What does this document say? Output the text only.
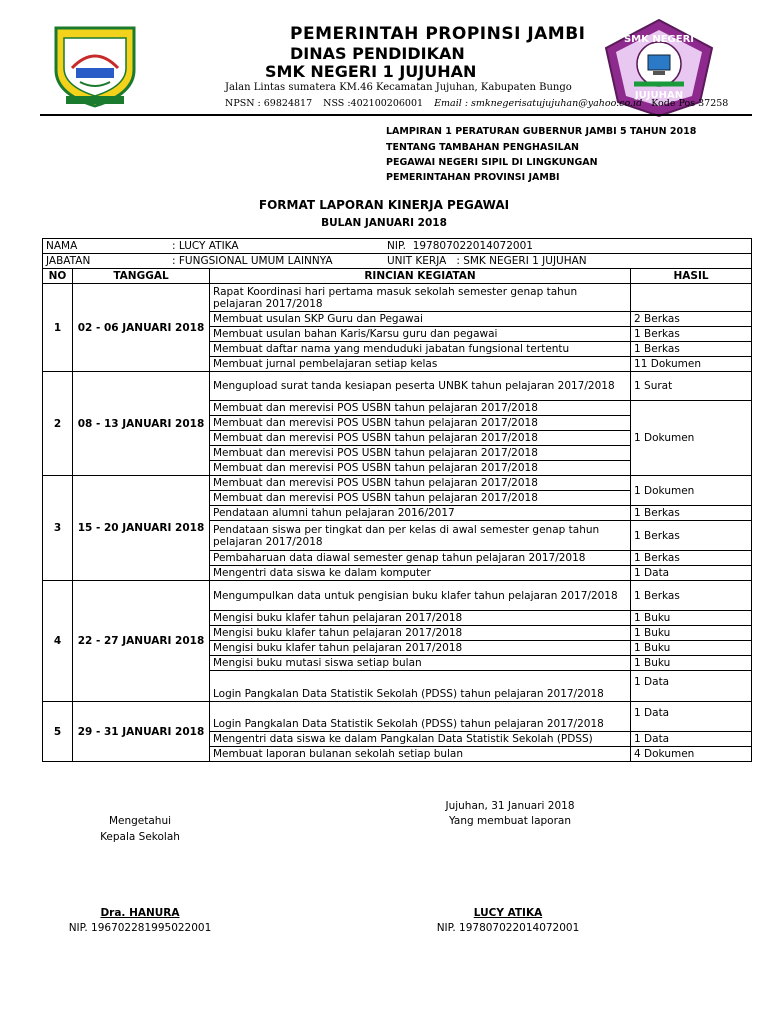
SMK NEGERI
JUJUHAN
PEMERINTAH PROPINSI JAMBI
DINAS PENDIDIKAN
SMK NEGERI 1 JUJUHAN
Jalan Lintas sumatera KM.46 Kecamatan Jujuhan, Kabupaten Bungo
NPSN : 69824817 NSS :402100206001 Email : smknegerisatujujuhan@yahoo.co.id Kode Pos 37258
LAMPIRAN 1 PERATURAN GUBERNUR JAMBI 5 TAHUN 2018
TENTANG TAMBAHAN PENGHASILAN
PEGAWAI NEGERI SIPIL DI LINGKUNGAN
PEMERINTAHAN PROVINSI JAMBI
FORMAT LAPORAN KINERJA PEGAWAI
BULAN JANUARI 2018
NAMA : LUCY ATIKA NIP. 197807022014072001			
JABATAN : FUNGSIONAL UMUM LAINNYA UNIT KERJA : SMK NEGERI 1 JUJUHAN			
NO	TANGGAL	RINCIAN KEGIATAN	HASIL
1	02 - 06 JANUARI 2018	Rapat Koordinasi hari pertama masuk sekolah semester genap tahun pelajaran 2017/2018	
		Membuat usulan SKP Guru dan Pegawai	2 Berkas
		Membuat usulan bahan Karis/Karsu guru dan pegawai	1 Berkas
		Membuat daftar nama yang menduduki jabatan fungsional tertentu	1 Berkas
		Membuat jurnal pembelajaran setiap kelas	11 Dokumen
2	08 - 13 JANUARI 2018	Mengupload surat tanda kesiapan peserta UNBK tahun pelajaran 2017/2018	1 Surat
		Membuat dan merevisi POS USBN tahun pelajaran 2017/2018	1 Dokumen
		Membuat dan merevisi POS USBN tahun pelajaran 2017/2018	
		Membuat dan merevisi POS USBN tahun pelajaran 2017/2018	
		Membuat dan merevisi POS USBN tahun pelajaran 2017/2018	
		Membuat dan merevisi POS USBN tahun pelajaran 2017/2018	
3	15 - 20 JANUARI 2018	Membuat dan merevisi POS USBN tahun pelajaran 2017/2018	1 Dokumen
		Membuat dan merevisi POS USBN tahun pelajaran 2017/2018	
		Pendataan alumni tahun pelajaran 2016/2017	1 Berkas
		Pendataan siswa per tingkat dan per kelas di awal semester genap tahun pelajaran 2017/2018	1 Berkas
		Pembaharuan data diawal semester genap tahun pelajaran 2017/2018	1 Berkas
		Mengentri data siswa ke dalam komputer	1 Data
4	22 - 27 JANUARI 2018	Mengumpulkan data untuk pengisian buku klafer tahun pelajaran 2017/2018	1 Berkas
		Mengisi buku klafer tahun pelajaran 2017/2018	1 Buku
		Mengisi buku klafer tahun pelajaran 2017/2018	1 Buku
		Mengisi buku klafer tahun pelajaran 2017/2018	1 Buku
		Mengisi buku mutasi siswa setiap bulan	1 Buku
		Login Pangkalan Data Statistik Sekolah (PDSS) tahun pelajaran 2017/2018	1 Data
5	29 - 31 JANUARI 2018	Login Pangkalan Data Statistik Sekolah (PDSS) tahun pelajaran 2017/2018	1 Data
		Mengentri data siswa ke dalam Pangkalan Data Statistik Sekolah (PDSS)	1 Data
		Membuat laporan bulanan sekolah setiap bulan	4 Dokumen
Jujuhan, 31 Januari 2018
Yang membuat laporan
Mengetahui
Kepala Sekolah
Dra. HANURA
NIP. 196702281995022001
LUCY ATIKA
NIP. 197807022014072001
